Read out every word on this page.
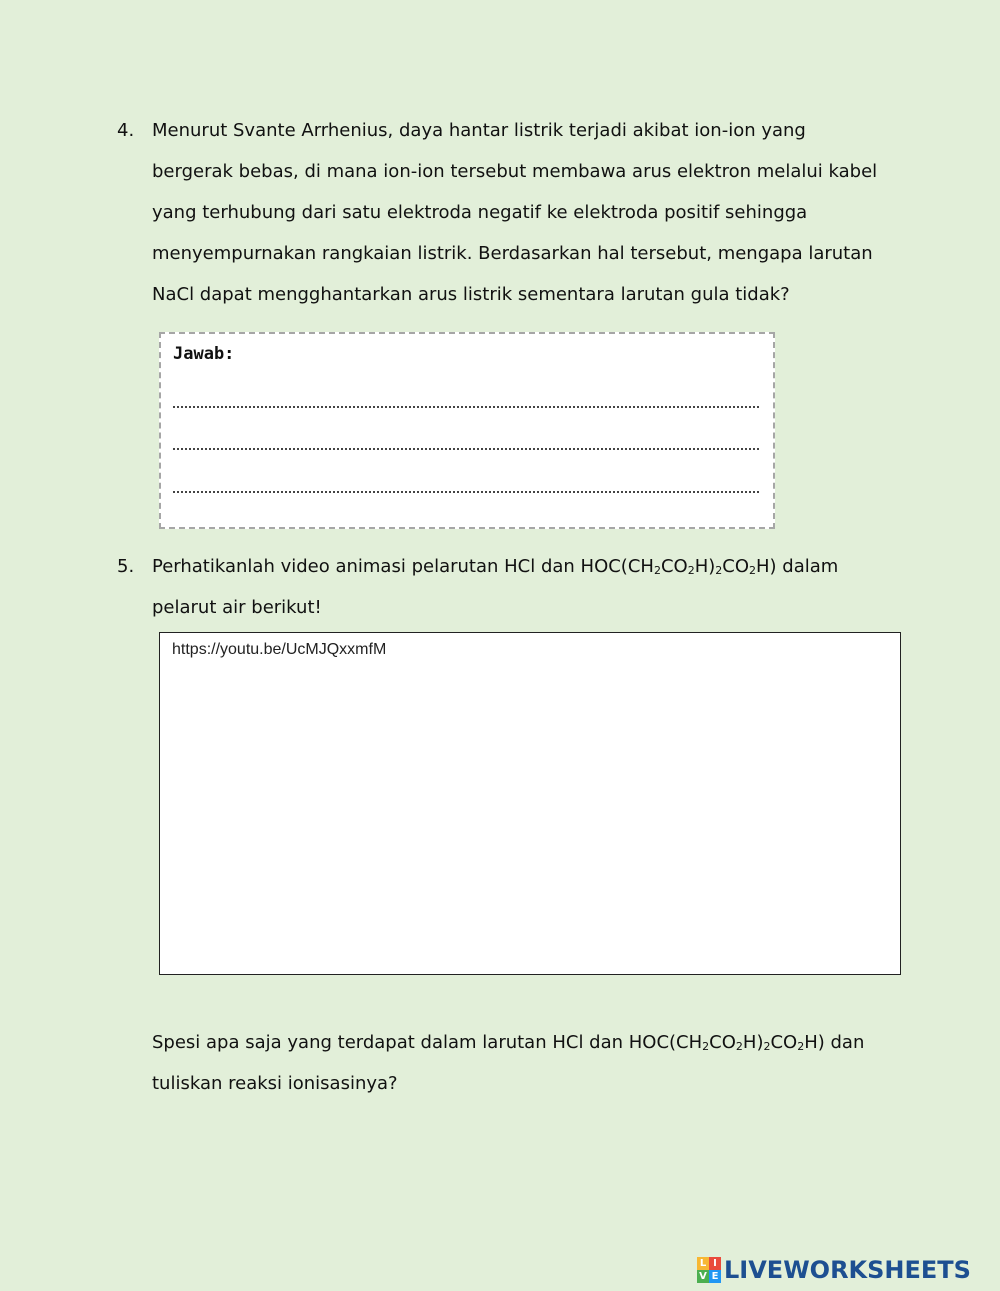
4. Menurut Svante Arrhenius, daya hantar listrik terjadi akibat ion-ion yang
bergerak bebas, di mana ion-ion tersebut membawa arus elektron melalui kabel
yang terhubung dari satu elektroda negatif ke elektroda positif sehingga
menyempurnakan rangkaian listrik. Berdasarkan hal tersebut, mengapa larutan
NaCl dapat mengghantarkan arus listrik sementara larutan gula tidak?
Jawab:
5. Perhatikanlah video animasi pelarutan HCl dan $HOC(CH_2CO_2H)_2CO_2H$) dalam
pelarut air berikut!
https://youtu.be/UcMJQxxmfM
Spesi apa saja yang terdapat dalam larutan HCl dan $HOC(CH_2CO_2H)_2CO_2H$) dan
tuliskan reaksi ionisasinya?
L I
V E LIVEWORKSHEETS
